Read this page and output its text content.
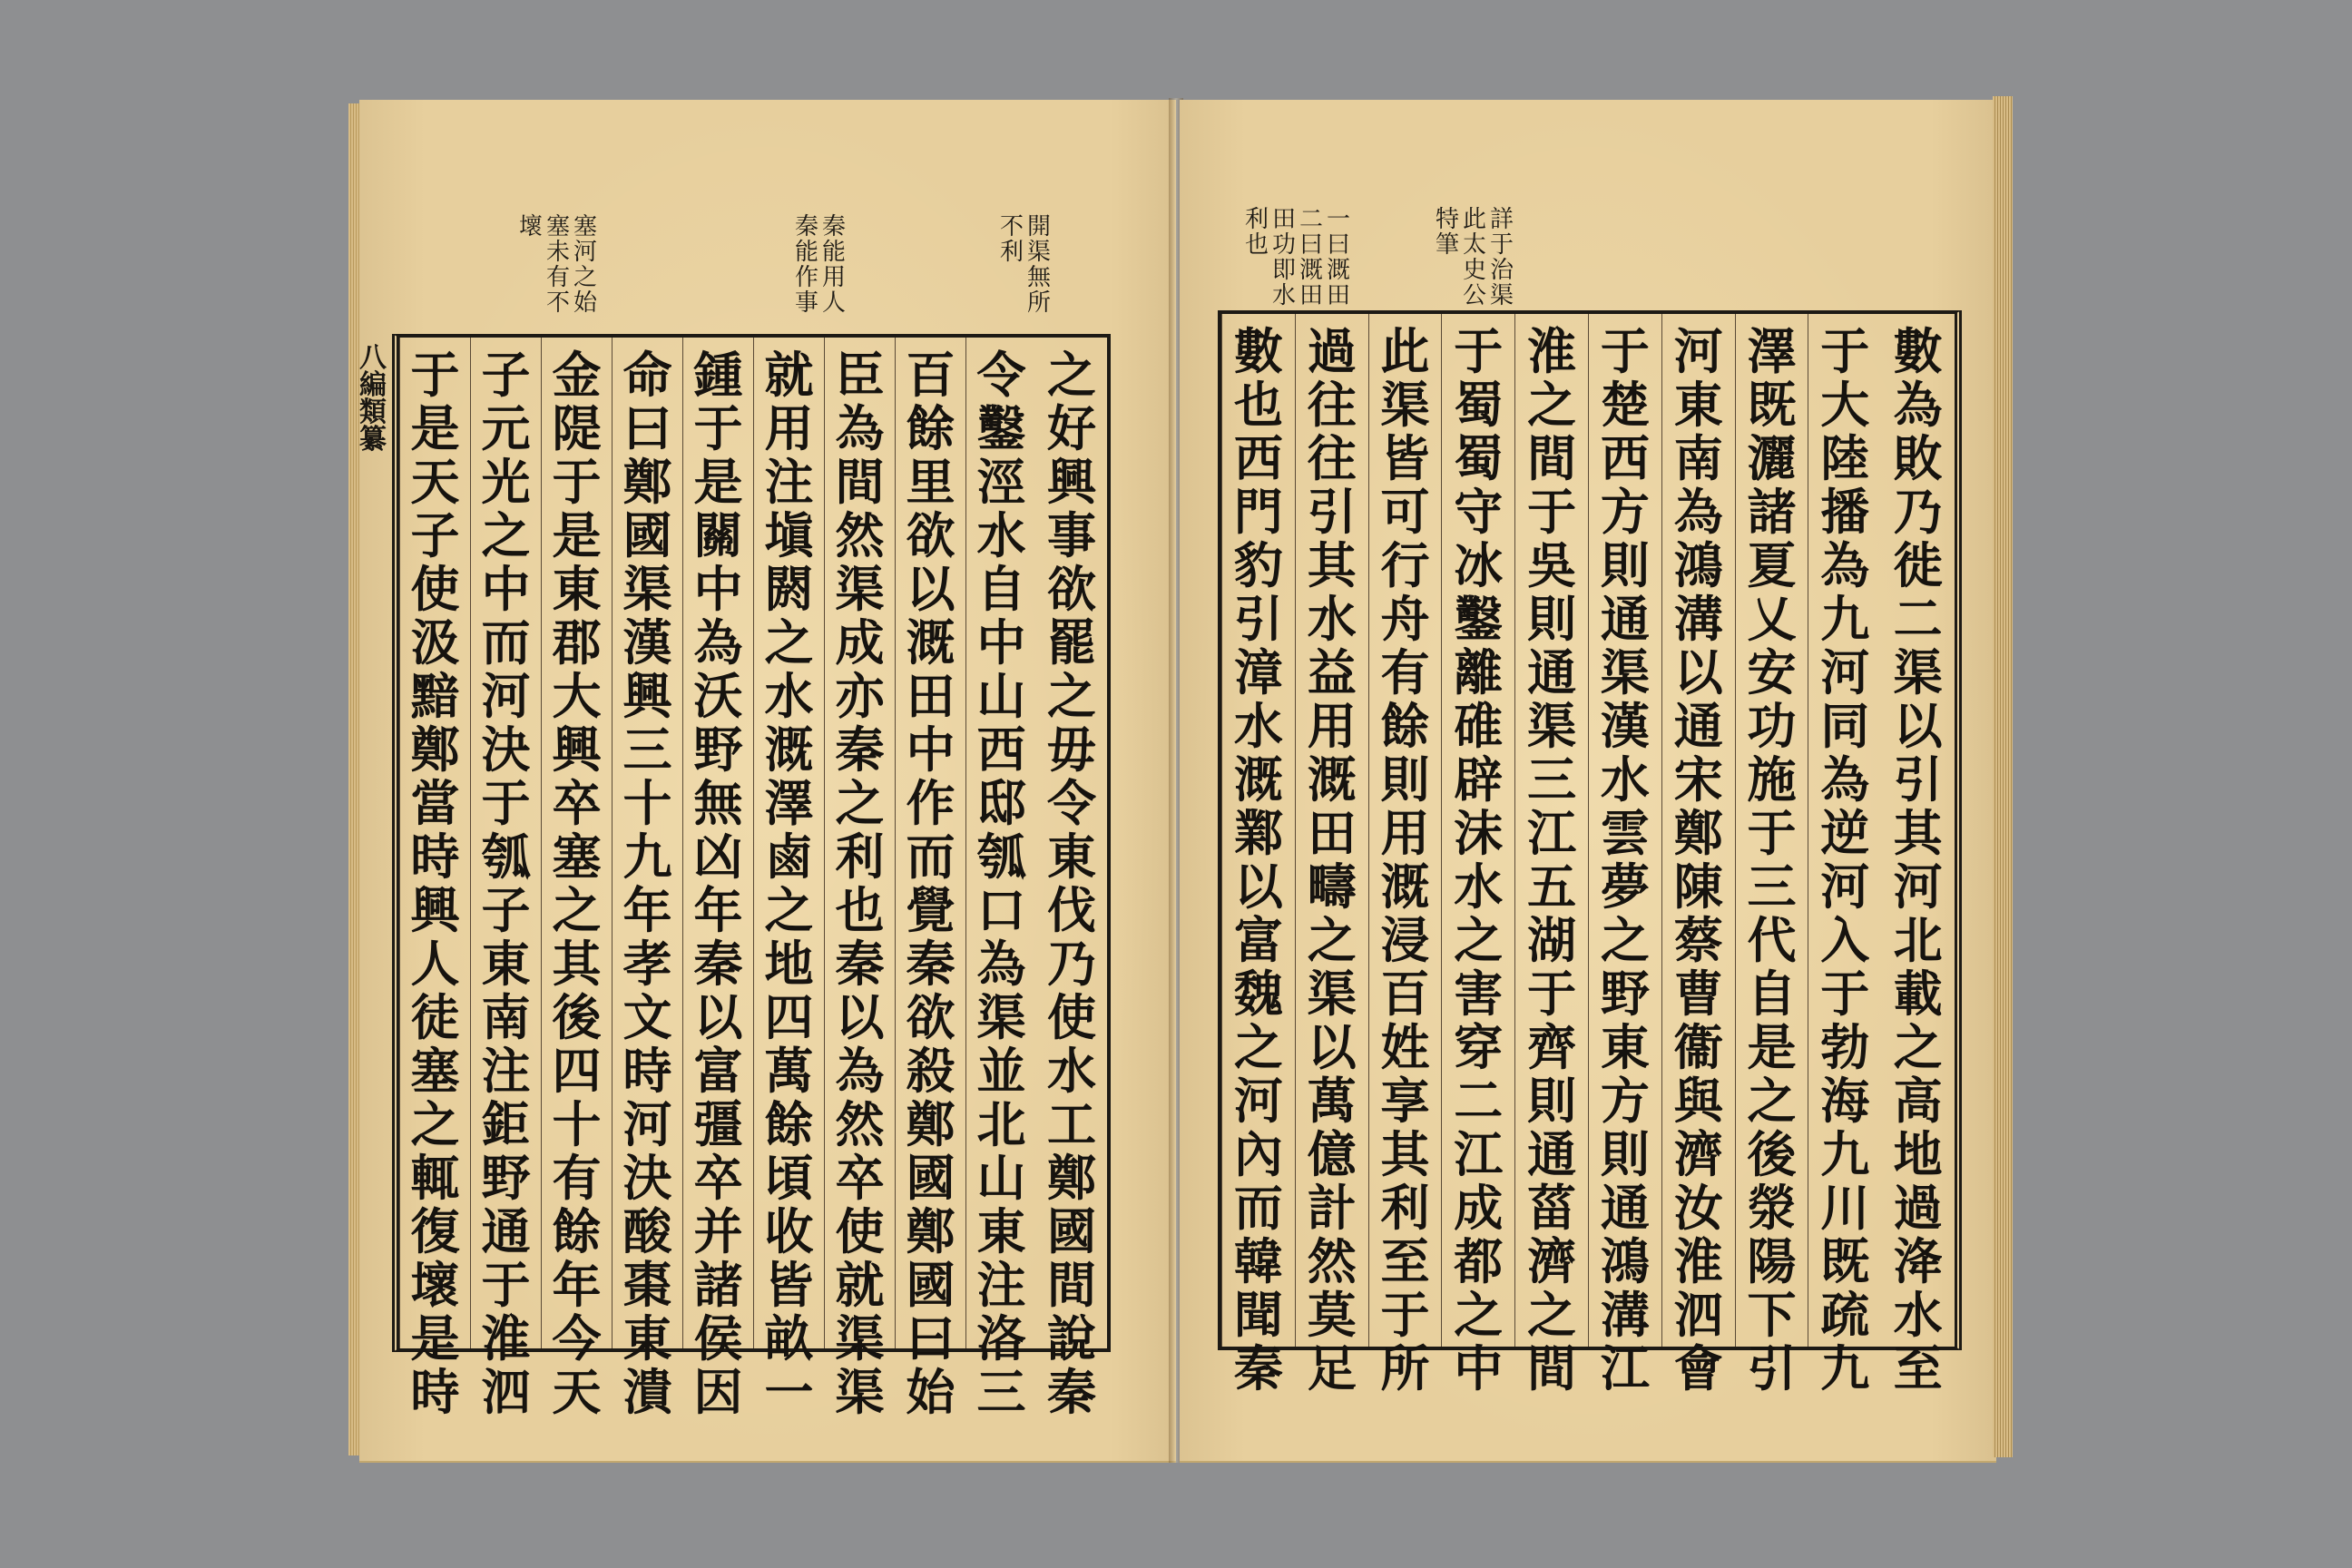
開
渠
無
所
不
利
秦
能
用
人
秦
能
作
事
塞
河
之
始
塞
未
有
不
壞
之
好
興
事
欲
罷
之
毋
令
東
伐
乃
使
水
工
鄭
國
間
說
秦
令
鑿
涇
水
自
中
山
西
邸
瓠
口
為
渠
並
北
山
東
注
洛
三
百
餘
里
欲
以
溉
田
中
作
而
覺
秦
欲
殺
鄭
國
鄭
國
曰
始
臣
為
間
然
渠
成
亦
秦
之
利
也
秦
以
為
然
卒
使
就
渠
渠
就
用
注
塡
閼
之
水
溉
澤
鹵
之
地
四
萬
餘
頃
收
皆
畝
一
鍾
于
是
關
中
為
沃
野
無
凶
年
秦
以
富
彊
卒
并
諸
侯
因
命
曰
鄭
國
渠
漢
興
三
十
九
年
孝
文
時
河
決
酸
棗
東
潰
金
隄
于
是
東
郡
大
興
卒
塞
之
其
後
四
十
有
餘
年
今
天
子
元
光
之
中
而
河
決
于
瓠
子
東
南
注
鉅
野
通
于
淮
泗
于
是
天
子
使
汲
黯
鄭
當
時
興
人
徒
塞
之
輒
復
壞
是
時
八編類纂
詳
于
治
渠
此
太
史
公
特
筆
一
曰
溉
田
二
曰
溉
田
田
功
即
水
利
也
數
為
敗
乃
徙
二
渠
以
引
其
河
北
載
之
高
地
過
洚
水
至
于
大
陸
播
為
九
河
同
為
逆
河
入
于
勃
海
九
川
既
疏
九
澤
既
灑
諸
夏
乂
安
功
施
于
三
代
自
是
之
後
滎
陽
下
引
河
東
南
為
鴻
溝
以
通
宋
鄭
陳
蔡
曹
衞
與
濟
汝
淮
泗
會
于
楚
西
方
則
通
渠
漢
水
雲
夢
之
野
東
方
則
通
鴻
溝
江
淮
之
間
于
吳
則
通
渠
三
江
五
湖
于
齊
則
通
菑
濟
之
間
于
蜀
蜀
守
冰
鑿
離
碓
辟
沫
水
之
害
穿
二
江
成
都
之
中
此
渠
皆
可
行
舟
有
餘
則
用
溉
浸
百
姓
享
其
利
至
于
所
過
往
往
引
其
水
益
用
溉
田
疇
之
渠
以
萬
億
計
然
莫
足
數
也
西
門
豹
引
漳
水
溉
鄴
以
富
魏
之
河
內
而
韓
聞
秦
